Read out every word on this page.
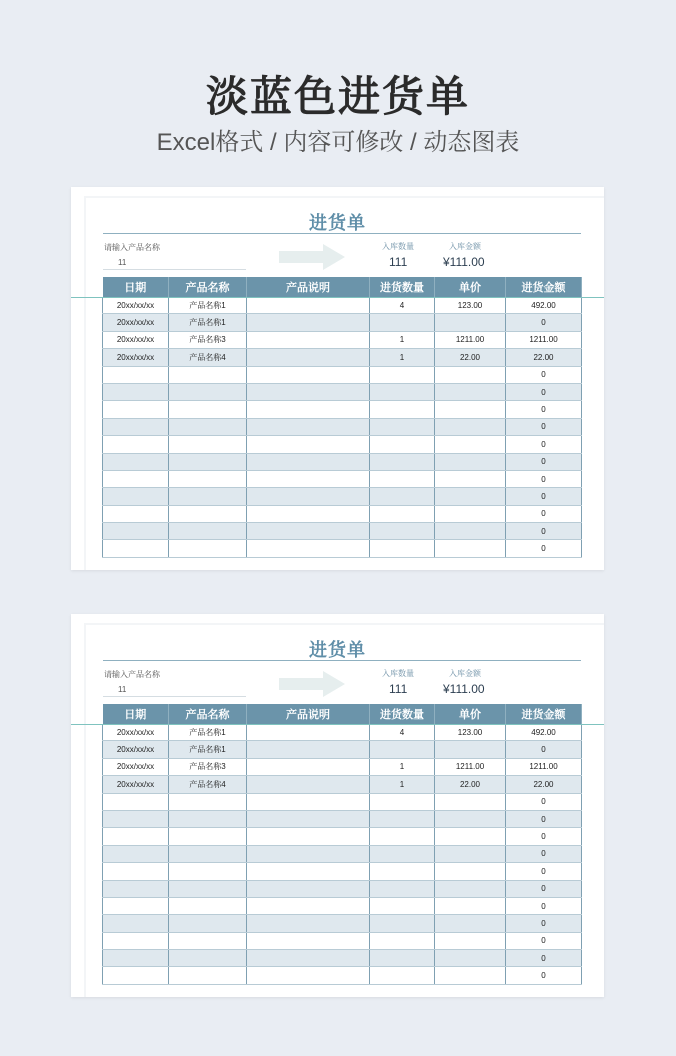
淡蓝色进货单
Excel格式 / 内容可修改 / 动态图表
进货单
请输入产品名称
11
入库数量	入库金额
111	¥111.00
日期	产品名称	产品说明	进货数量	单价	进货金额
20xx/xx/xx	产品名称1		4	123.00	492.00
20xx/xx/xx	产品名称1				0
20xx/xx/xx	产品名称3		1	1211.00	1211.00
20xx/xx/xx	产品名称4		1	22.00	22.00
					0
					0
					0
					0
					0
					0
					0
					0
					0
					0
					0
进货单
请输入产品名称
11
入库数量	入库金额
111	¥111.00
日期	产品名称	产品说明	进货数量	单价	进货金额
20xx/xx/xx	产品名称1		4	123.00	492.00
20xx/xx/xx	产品名称1				0
20xx/xx/xx	产品名称3		1	1211.00	1211.00
20xx/xx/xx	产品名称4		1	22.00	22.00
					0
					0
					0
					0
					0
					0
					0
					0
					0
					0
					0
